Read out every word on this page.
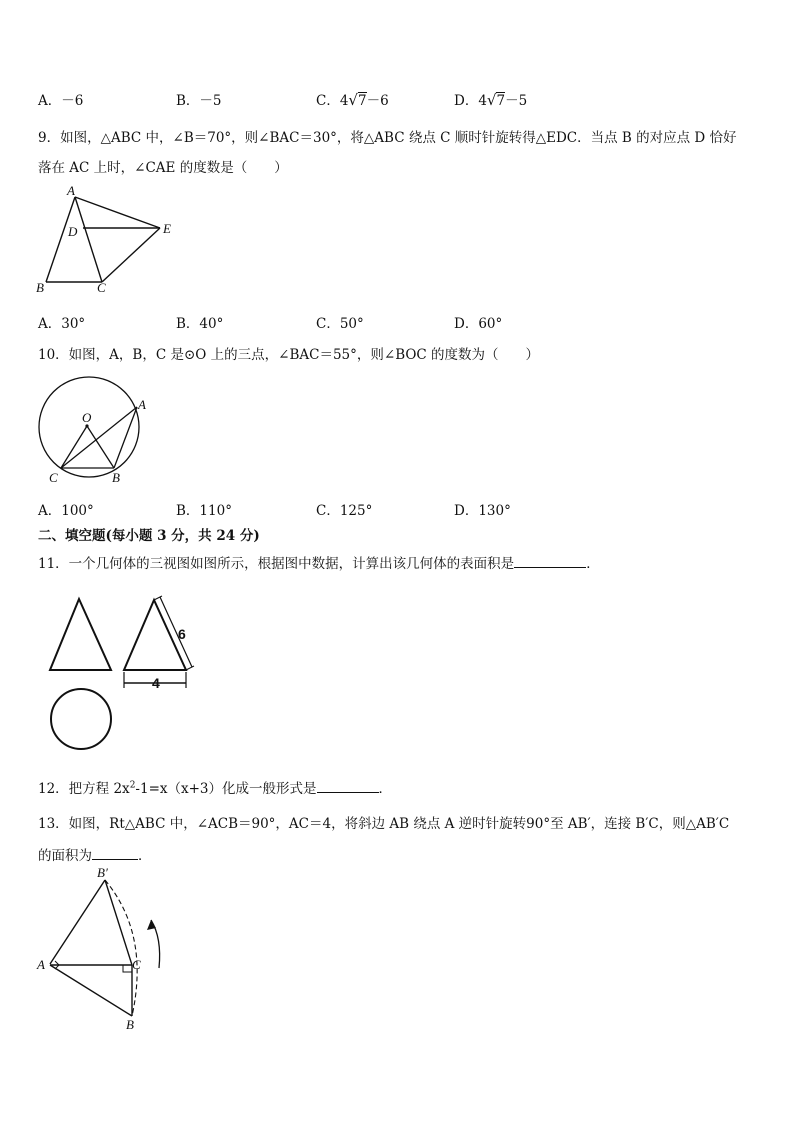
A．－6	B．－5	C．4√7－6	D．4√7－5
9．如图，△ABC 中，∠B＝70°，则∠BAC＝30°，将△ABC 绕点 C 顺时针旋转得△EDC．当点 B 的对应点 D 恰好
落在 AC 上时，∠CAE 的度数是（　　）
A
D	E
B	C
A．30°	B．40°	C．50°	D．60°
10．如图，A，B，C 是⊙O 上的三点，∠BAC＝55°，则∠BOC 的度数为（　　）
O
A
C	B
A．100°	B．110°	C．125°	D．130°
二、填空题(每小题 3 分，共 24 分)
11．一个几何体的三视图如图所示，根据图中数据，计算出该几何体的表面积是	．
6
4
12．把方程 $2x^2-1=x(x+3)$化成一般形式是	．
13．如图，Rt△ABC 中，∠ACB＝90°，AC＝4，将斜边 AB 绕点 A 逆时针旋转90°至 AB′，连接 B′C，则△AB′C
的面积为	．
B′
A	C
B
